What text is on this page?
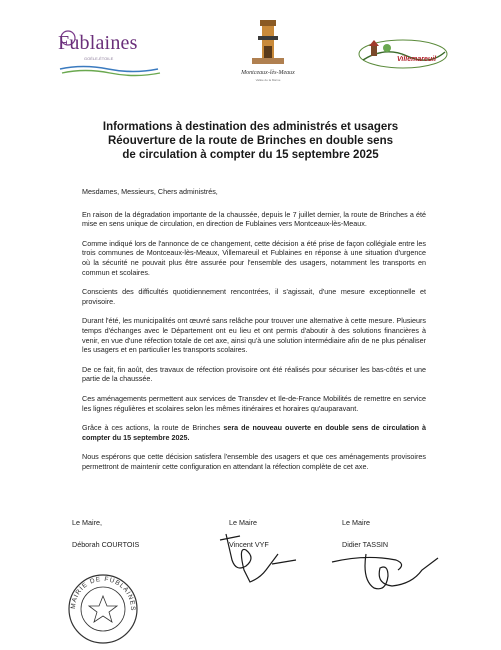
Fublaines
GOÉLE-ÉTOILE
Montceaux-lès-Meaux
Vallée de la Marne
Villemareuil
Informations à destination des administrés et usagers
Réouverture de la route de Brinches en double sens
de circulation à compter du 15 septembre 2025

Mesdames, Messieurs, Chers administrés,

En raison de la dégradation importante de la chaussée, depuis le 7 juillet dernier, la route de Brinches a été mise en sens unique de circulation, en direction de Fublaines vers Montceaux-lès-Meaux.

Comme indiqué lors de l'annonce de ce changement, cette décision a été prise de façon collégiale entre les trois communes de Montceaux-lès-Meaux, Villemareuil et Fublaines en réponse à une situation d'urgence où la sécurité ne pouvait plus être assurée pour l'ensemble des usagers, notamment les transports en commun et scolaires.

Conscients des difficultés quotidiennement rencontrées, il s'agissait, d'une mesure exceptionnelle et provisoire.

Durant l'été, les municipalités ont œuvré sans relâche pour trouver une alternative à cette mesure. Plusieurs temps d'échanges avec le Département ont eu lieu et ont permis d'aboutir à des solutions financières à venir, en vue d'une réfection totale de cet axe, ainsi qu'à une solution intermédiaire afin de ne plus pénaliser les usagers et en particulier les transports scolaires.

De ce fait, fin août, des travaux de réfection provisoire ont été réalisés pour sécuriser les bas-côtés et une partie de la chaussée.

Ces aménagements permettent aux services de Transdev et Ile-de-France Mobilités de remettre en service les lignes régulières et scolaires selon les mêmes itinéraires et horaires qu'auparavant.

Grâce à ces actions, la route de Brinches sera de nouveau ouverte en double sens de circulation à compter du 15 septembre 2025.

Nous espérons que cette décision satisfera l'ensemble des usagers et que ces aménagements provisoires permettront de maintenir cette configuration en attendant la réfection complète de cet axe.

Le Maire,
Déborah COURTOIS
Le Maire
Vincent VYF
Le Maire
Didier TASSIN
MAIRIE DE FUBLAINES
